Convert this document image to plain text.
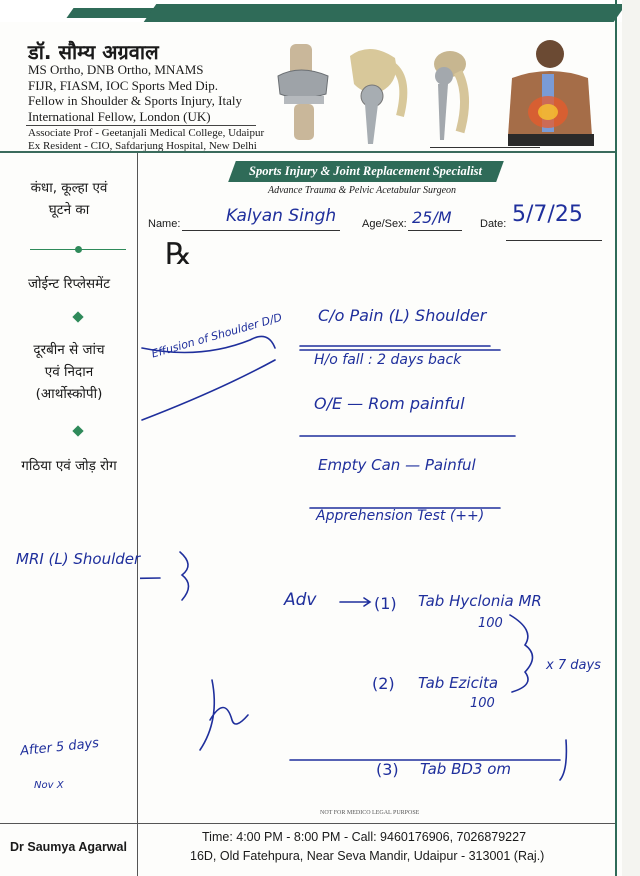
डॉ. सौम्य अग्रवाल
MS Ortho, DNB Ortho, MNAMS
FIJR, FIASM, IOC Sports Med Dip.
Fellow in Shoulder & Sports Injury, Italy
International Fellow, London (UK)
Associate Prof - Geetanjali Medical College, Udaipur
Ex Resident - CIO, Safdarjung Hospital, New Delhi
कंधा, कूल्हा एवं
घूटने का
जोईन्ट रिप्लेसमेंट
दूरबीन से जांच
एवं निदान
(आर्थोस्कोपी)
गठिया एवं जोड़ रोग
Sports Injury & Joint Replacement Specialist
Advance Trauma & Pelvic Acetabular Surgeon
Name:	Kalyan Singh Age/Sex: 25/M	Date: 5/7/25
℞
Effusion of Shoulder D/D C/o Pain (L) Shoulder
H/o fall : 2 days back
O/E — Rom painful
Empty Can — Painful
Apprehension Test (++)
MRI (L) Shoulder
Adv	(1) Tab Hyclonia MR
100
x 7 days
(2) Tab Ezicita
100
(3) Tab BD3 om
After 5 days
Nov X
NOT FOR MEDICO LEGAL PURPOSE
Dr Saumya Agarwal
Time: 4:00 PM - 8:00 PM - Call: 9460176906, 7026879227
16D, Old Fatehpura, Near Seva Mandir, Udaipur - 313001 (Raj.)
